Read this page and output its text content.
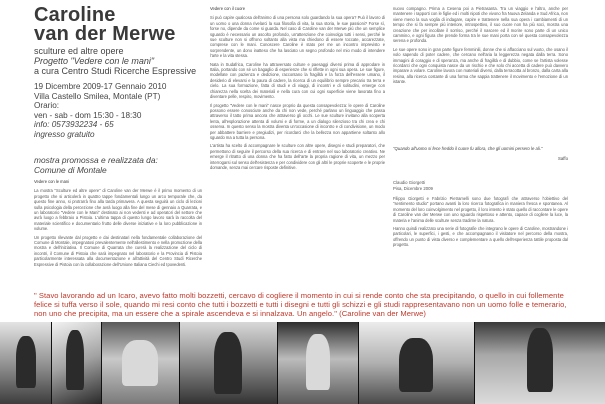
Caroline
van der Merwe
sculture ed altre opere
Progetto "Vedere con le mani"
a cura Centro Studi Ricerche Espressive
19 Dicembre 2009-17 Gennaio 2010
Villa Castello Smilea, Montale (PT)
Orario:
ven - sab - dom 15:30 - 18:30
info: 0573932234 - 65
ingresso gratuito
mostra promossa e realizzata da:
Comune di Montale

Vedere con le mani

La mostra "Sculture ed altre opere" di Caroline van der Merwe è il primo momento di un progetto che si articolerà in quattro tappe fondamentali lungo un arco temporale che, da questo fine anno, si protrarrà fino alla tarda primavera. A questa seguirà un ciclo di lezioni sulla psicologia della percezione che avrà luogo alla fine del mese di gennaio a Quarrata, e un laboratorio "Vedere con le Mani" destinato ai non vedenti e ad operatori del settore che avrà luogo a febbraio a Pistoia. L'ultima tappa di questo lungo lavoro sarà la raccolta del materiale scientifico e documentario frutto delle diverse iniziative e la loro pubblicazione in volume.

Un progetto rilevante dal progetto e dai destinatari nella fondamentale collaborazione del Comune di Montale, impegnatosi prevalentemente nell'allestimento e nella promozione della mostra e dell'iniziativa. Il Comune di Quarrata che curerà la realizzazione del ciclo di incontri, il Comune di Pistoia che sarà impegnato nel laboratorio e la Provincia di Pistoia particolarmente interessata alla documentazione e all'attività del Centro Studi Ricerche Espressive di Pistoia con la collaborazione dell'Unione Italiana Ciechi ed Ipovedenti.

Vedere con il cuore

Si può capire qualcosa dell'animo di una persona solo guardando la sua opera? Può il lavoro di un uomo o una donna rivelarci la sua filosofia di vita, la sua storia, le sue passioni? Forse sì, forse no, dipende da come si guarda. Nel caso di Caroline van der Merwe più che un semplice sguardo è necessario un ascolto profondo, un'attenzione che coinvolga tutti i sensi, perché le sue sculture non si offrono soltanto alla vista ma chiedono di essere toccate, accarezzate, comprese con le mani. Conoscere Caroline è stato per me un incontro imprevisto e sorprendente, un dono inatteso che ha lasciato un segno profondo nel mio modo di intendere l'arte e la vita stessa.

Nata in Sudafrica, Caroline ha attraversato culture e paesaggi diversi prima di approdare in Italia, portando con sé un bagaglio di esperienze che si riflette in ogni sua opera. Le sue figure, modellate con pazienza e dedizione, raccontano la fragilità e la forza dell'essere umano, il desiderio di elevarsi e la paura di cadere, la ricerca di un equilibrio sempre precario tra terra e cielo. La sua formazione, fatta di studi e di viaggi, di incontri e di solitudini, emerge con chiarezza nella scelta dei materiali e nella cura con cui ogni superficie viene lavorata fino a diventare pelle, respiro, movimento.

Il progetto "Vedere con le mani" nasce proprio da questa consapevolezza: le opere di Caroline possono essere conosciute anche da chi non vede, perché parlano un linguaggio che passa attraverso il tatto prima ancora che attraverso gli occhi. Le sue sculture invitano alla scoperta lenta, all'esplorazione attenta di volumi e di forme, a un dialogo silenzioso tra chi crea e chi osserva. In questo senso la mostra diventa un'occasione di incontro e di condivisione, un modo per abbattere barriere e pregiudizi, per ricordarci che la bellezza non appartiene soltanto allo sguardo ma a tutta la persona.

L'artista ha scelto di accompagnare le sculture con altre opere, disegni e studi preparatori, che permettono di seguire il percorso della sua ricerca e di entrare nel suo laboratorio creativo. Ne emerge il ritratto di una donna che ha fatto dell'arte la propria ragione di vita, un mezzo per interrogarsi sul senso dell'esistenza e per condividere con gli altri le proprie scoperte e le proprie domande, senza mai cercare risposte definitive.

nuovo compagno. Prima a Cesena poi a Pietrasanta. Tra un viaggio e l'altro, anche per mantenere i rapporti con le figlie ed i molti nipoti che vivono fra Nuova Zelanda e Sud Africa, non viene meno la sua voglia di indagare, capire e trattenere nella sua opera i cambiamenti di un tempo che si fa sempre più interiore, introspettivo, il suo cuore non ha più soci, mostra una creazione che per incollare il sorriso, perché il nascere ed il morire sono parte di un unico cammino, e ogni figura che prende forma tra le sue mani porta con sé questa consapevolezza serena e profonda.

Le sue opere sono in gran parte figure femminili, donne che si affacciano sul vuoto, che osano il volo sapendo di poter cadere, che cercano nell'aria la leggerezza negata dalla terra. Sono immagini di coraggio e di speranza, ma anche di fragilità e di dubbio, come se l'artista volesse ricordarci che ogni conquista nasce da un rischio e che solo chi accetta di cadere può davvero imparare a volare. Caroline lavora con materiali diversi, dalla terracotta al bronzo, dalla carta alla resina, alla ricerca costante di una forma che sappia trattenere il movimento e l'emozione di un istante.

"Quando all'uomo si fece freddo il cuore fu allora, che gli uomini persero le ali."
Saffo
Claudio Giorgetti
Pisa, Dicembre 2009

Filippo Giorgetti e Fabrizio Pietramelli sono due fotografi che attraverso l'obiettivo del "sentimento studio" portano avanti la loro ricerca fotografica in maniera fresca e spontanea. Al momento del loro coinvolgimento nel progetto, il loro intento è stato quello di raccontare le opere di Caroline van der Merwe con uno sguardo rispettoso e attento, capace di cogliere la luce, la materia e l'anima delle sculture senza tradirne la natura.

Hanno quindi realizzato una serie di fotografie che integrano le opere di Caroline, mostrandone i particolari, le superfici, i gesti, e che accompagnano il visitatore nel percorso della mostra, offrendo un punto di vista diverso e complementare a quello dell'esperienza tattile proposta dal progetto.

" Stavo lavorando ad un Icaro, avevo fatto molti bozzetti, cercavo di cogliere il momento in cui si rende conto che sta precipitando, o quello in cui follemente felice si tuffa verso il sole, quando mi resi conto che tutti i bozzetti e tutti i disegni e tutti gli schizzi e gli studi rappresentavano non un uomo folle e temerario, non uno che precipita, ma un essere che a spirale ascendeva e si innalzava. Un angelo." (Caroline van der Merwe)
